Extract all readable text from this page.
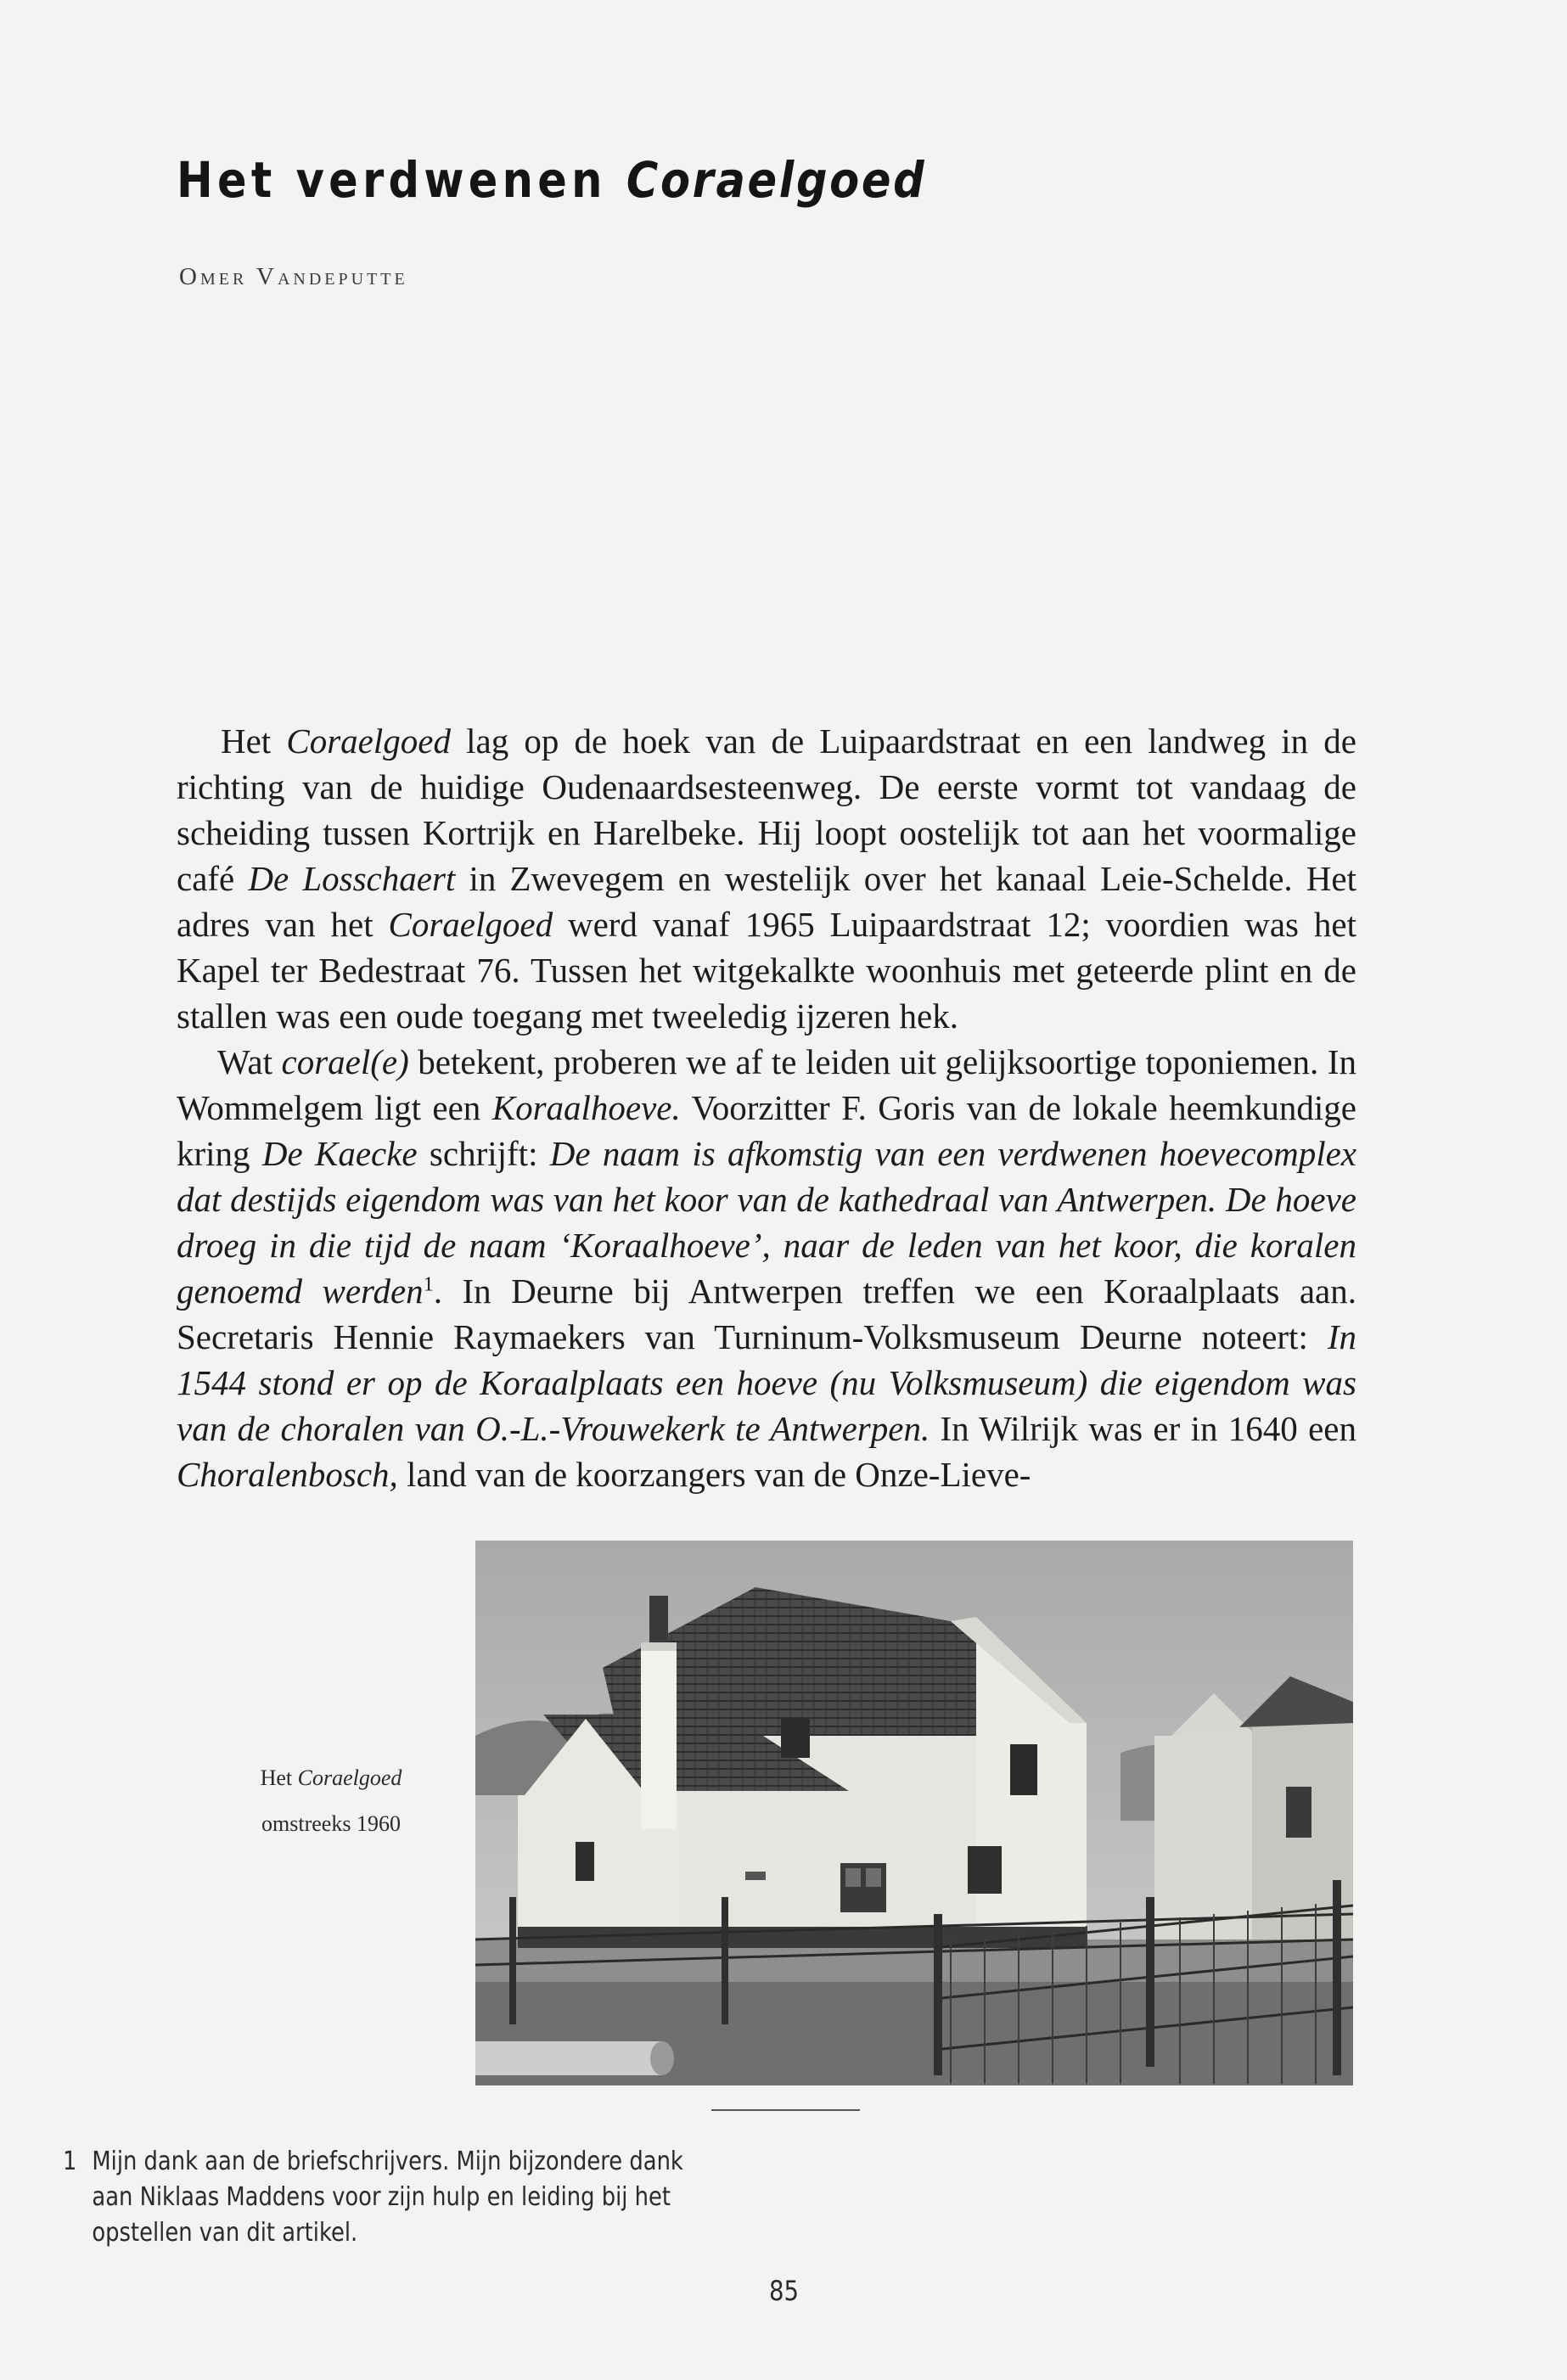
Het verdwenen Coraelgoed
Omer Vandeputte

Het Coraelgoed lag op de hoek van de Luipaardstraat en een landweg in de richting van de huidige Oudenaardsesteenweg. De eerste vormt tot vandaag de scheiding tussen Kortrijk en Harelbeke. Hij loopt oostelijk tot aan het voormalige café De Losschaert in Zwevegem en westelijk over het kanaal Leie-Schelde. Het adres van het Coraelgoed werd vanaf 1965 Luipaardstraat 12; voordien was het Kapel ter Bedestraat 76. Tussen het witgekalkte woonhuis met geteerde plint en de stallen was een oude toegang met tweeledig ijzeren hek.

Wat corael(e) betekent, proberen we af te leiden uit gelijksoortige toponiemen. In Wommelgem ligt een Koraalhoeve. Voorzitter F. Goris van de lokale heemkundige kring De Kaecke schrijft: De naam is afkomstig van een verdwenen hoevecomplex dat destijds eigendom was van het koor van de kathedraal van Antwerpen. De hoeve droeg in die tijd de naam ‘Koraalhoeve’, naar de leden van het koor, die koralen genoemd werden$^1$. In Deurne bij Antwerpen treffen we een Koraalplaats aan. Secretaris Hennie Raymaekers van Turninum-Volksmuseum Deurne noteert: In 1544 stond er op de Koraalplaats een hoeve (nu Volksmuseum) die eigendom was van de choralen van O.-L.-Vrouwekerk te Antwerpen. In Wilrijk was er in 1640 een Choralenbosch, land van de koorzangers van de Onze-Lieve-

Het Coraelgoed
omstreeks 1960
1 Mijn dank aan de briefschrijvers. Mijn bijzondere dank aan Niklaas Maddens voor zijn hulp en leiding bij het opstellen van dit artikel.
85
